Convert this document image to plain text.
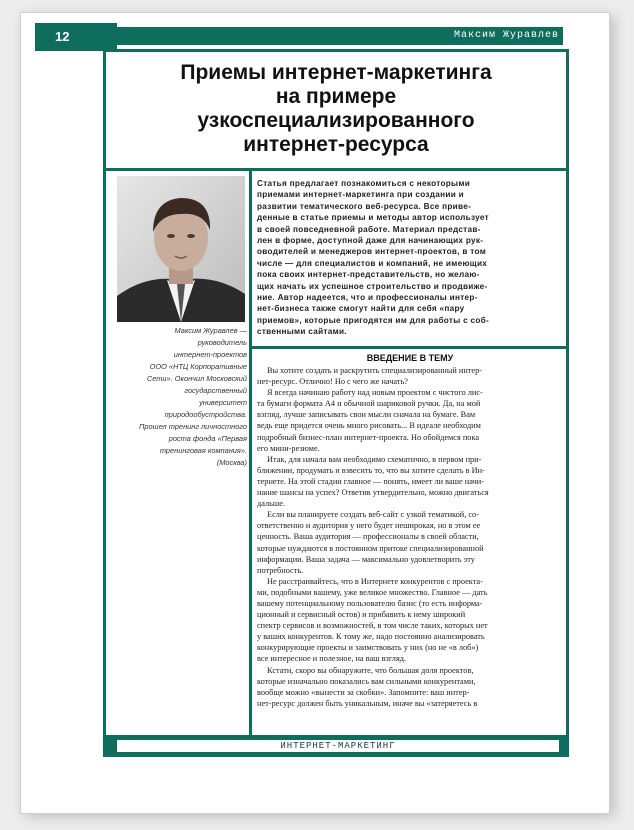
12	Максим Журавлев
Приемы интернет-маркетинга на примере узкоспециализированного интернет-ресурса
Максим Журавлев —
руководитель
интернет-проектов
ООО «НТЦ Корпоративные
Сети». Окончил Московский
государственный
университет
природообустройства.
Прошел тренинг личностного
роста фонда «Первая
тренинговая компания».
(Москва)
Статья предлагает познакомиться с некоторыми
приемами интернет-маркетинга при создании и
развитии тематического веб-ресурса. Все приве-
денные в статье приемы и методы автор использует
в своей повседневной работе. Материал представ-
лен в форме, доступной даже для начинающих рук-
оводителей и менеджеров интернет-проектов, в том
числе — для специалистов и компаний, не имеющих
пока своих интернет-представительств, но желаю-
щих начать их успешное строительство и продвиже-
ние. Автор надеется, что и профессионалы интер-
нет-бизнеса также смогут найти для себя «пару
приемов», которые пригодятся им для работы с соб-
ственными сайтами.
ВВЕДЕНИЕ В ТЕМУ
Вы хотите создать и раскрутить специализированный интер-
нет-ресурс. Отлично! Но с чего же начать?
Я всегда начинаю работу над новым проектом с чистого лис-
та бумаги формата А4 и обычной шариковой ручки. Да, на мой
взгляд, лучше записывать свои мысли сначала на бумаге. Вам
ведь еще придется очень много рисовать... В идеале необходим
подробный бизнес-план интернет-проекта. Но обойдемся пока
его мини-резюме.
Итак, для начала вам необходимо схематично, в первом при-
ближении, продумать и взвесить то, что вы хотите сделать в Ин-
тернете. На этой стадии главное — понять, имеет ли ваше начи-
нание шансы на успех? Ответив утвердительно, можно двигаться
дальше.
Если вы планируете создать веб-сайт с узкой тематикой, со-
ответственно и аудитория у него будет неширокая, но в этом ее
ценность. Ваша аудитория — профессионалы в своей области,
которые нуждаются в постоянном притоке специализированной
информации. Ваша задача — максимально удовлетворить эту
потребность.
Не расстраивайтесь, что в Интернете конкурентов с проекта-
ми, подобными вашему, уже великое множество. Главное — дать
вашему потенциальному пользователю базис (то есть информа-
ционный и сервисный остов) и прибавить к нему широкий
спектр сервисов и возможностей, в том числе таких, которых нет
у ваших конкурентов. К тому же, надо постоянно анализировать
конкурирующие проекты и заимствовать у них (но не «в лоб»)
все интересное и полезное, на ваш взгляд.
Кстати, скоро вы обнаружите, что большая доля проектов,
которые изначально показались вам сильными конкурентами,
вообще можно «вынести за скобки». Запомните: ваш интер-
нет-ресурс должен быть уникальным, иначе вы «затеряетесь в
ИНТЕРНЕТ-МАРКЕТИНГ
